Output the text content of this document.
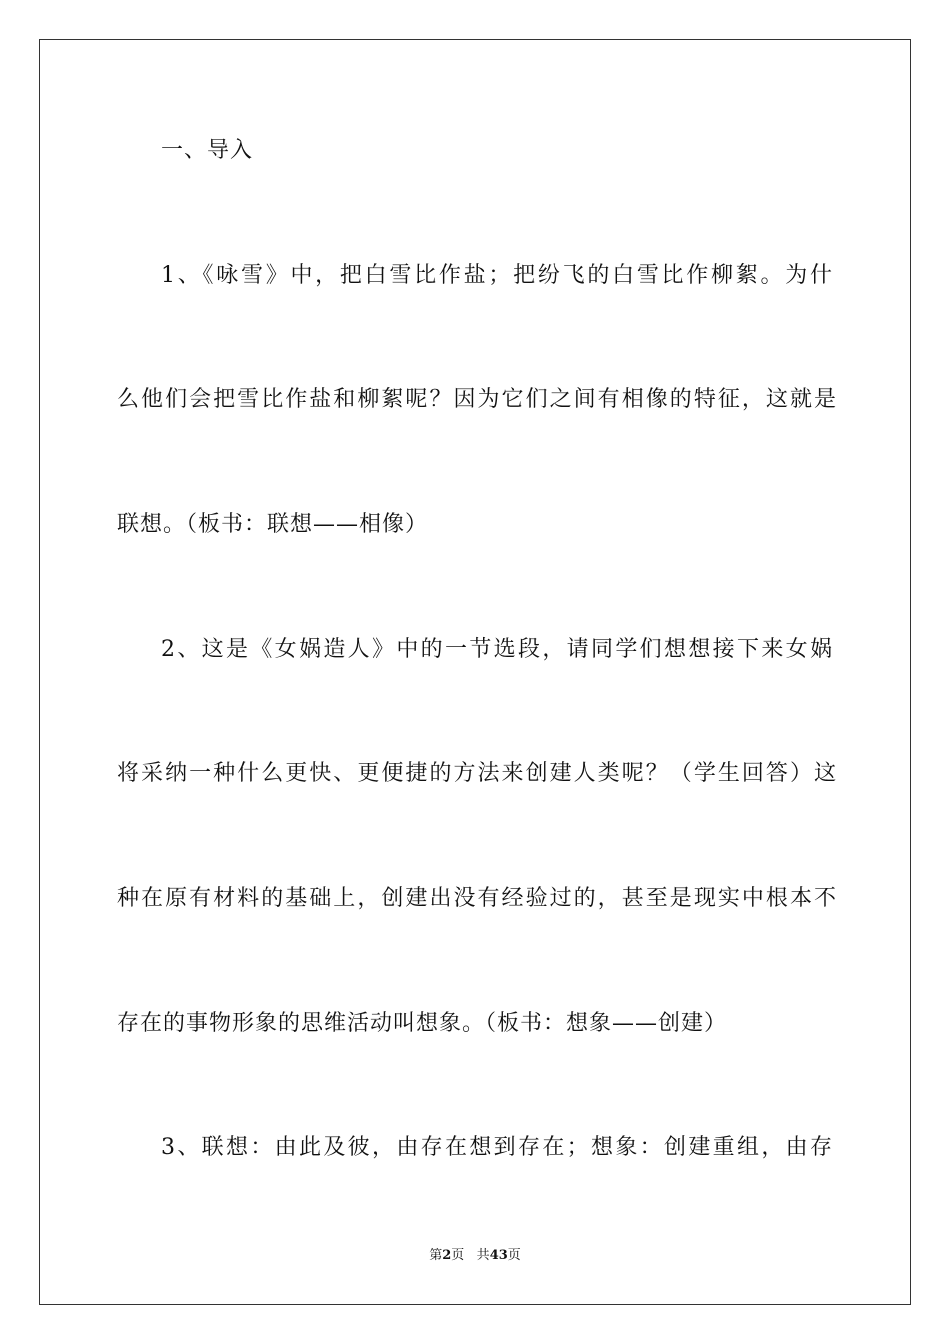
一、导入
1、《咏雪》中，把白雪比作盐；把纷飞的白雪比作柳絮。为什
么他们会把雪比作盐和柳絮呢？因为它们之间有相像的特征，这就是
联想。（板书：联想——相像）
2、这是《女娲造人》中的一节选段，请同学们想想接下来女娲
将采纳一种什么更快、更便捷的方法来创建人类呢？（学生回答）这
种在原有材料的基础上，创建出没有经验过的，甚至是现实中根本不
存在的事物形象的思维活动叫想象。（板书：想象——创建）
3、联想：由此及彼，由存在想到存在；想象：创建重组，由存
第2页 共43页
